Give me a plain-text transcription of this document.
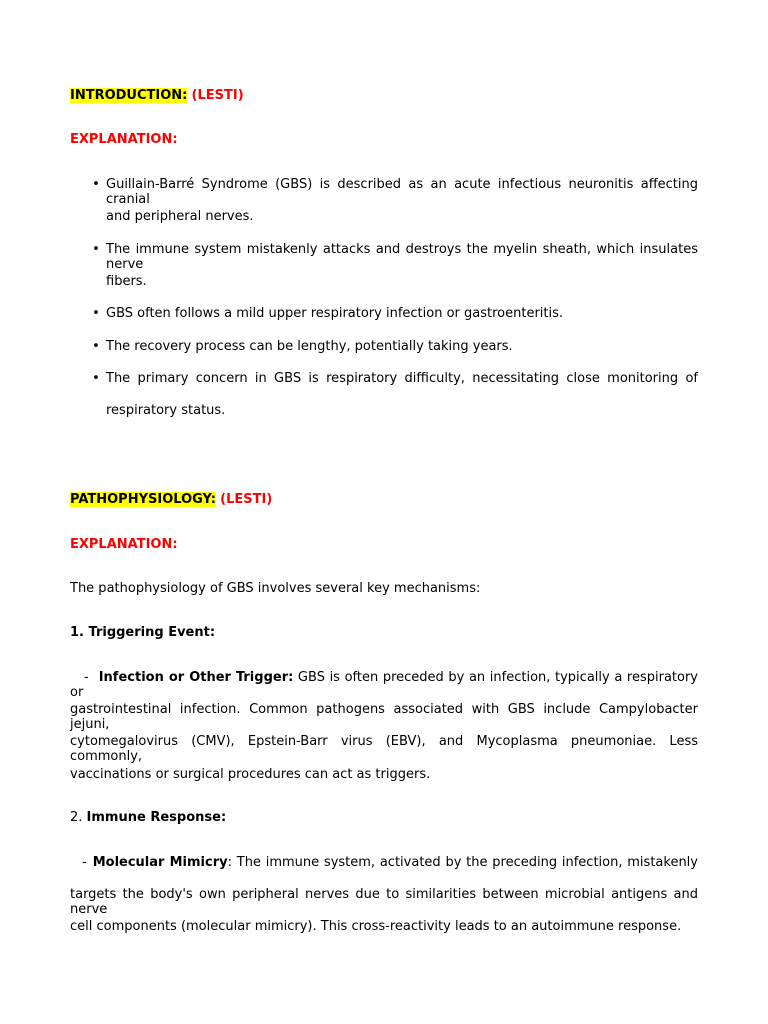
INTRODUCTION: (LESTI)
EXPLANATION:
• Guillain-Barré Syndrome (GBS) is described as an acute infectious neuronitis affecting cranial
and peripheral nerves.
• The immune system mistakenly attacks and destroys the myelin sheath, which insulates nerve
fibers.
• GBS often follows a mild upper respiratory infection or gastroenteritis.
• The recovery process can be lengthy, potentially taking years.
• The primary concern in GBS is respiratory difficulty, necessitating close monitoring of
respiratory status.
PATHOPHYSIOLOGY: (LESTI)
EXPLANATION:
The pathophysiology of GBS involves several key mechanisms:
1. Triggering Event:
- Infection or Other Trigger: GBS is often preceded by an infection, typically a respiratory or
gastrointestinal infection. Common pathogens associated with GBS include Campylobacter jejuni,
cytomegalovirus (CMV), Epstein-Barr virus (EBV), and Mycoplasma pneumoniae. Less commonly,
vaccinations or surgical procedures can act as triggers.
2. Immune Response:
- Molecular Mimicry: The immune system, activated by the preceding infection, mistakenly
targets the body's own peripheral nerves due to similarities between microbial antigens and nerve
cell components (molecular mimicry). This cross-reactivity leads to an autoimmune response.
